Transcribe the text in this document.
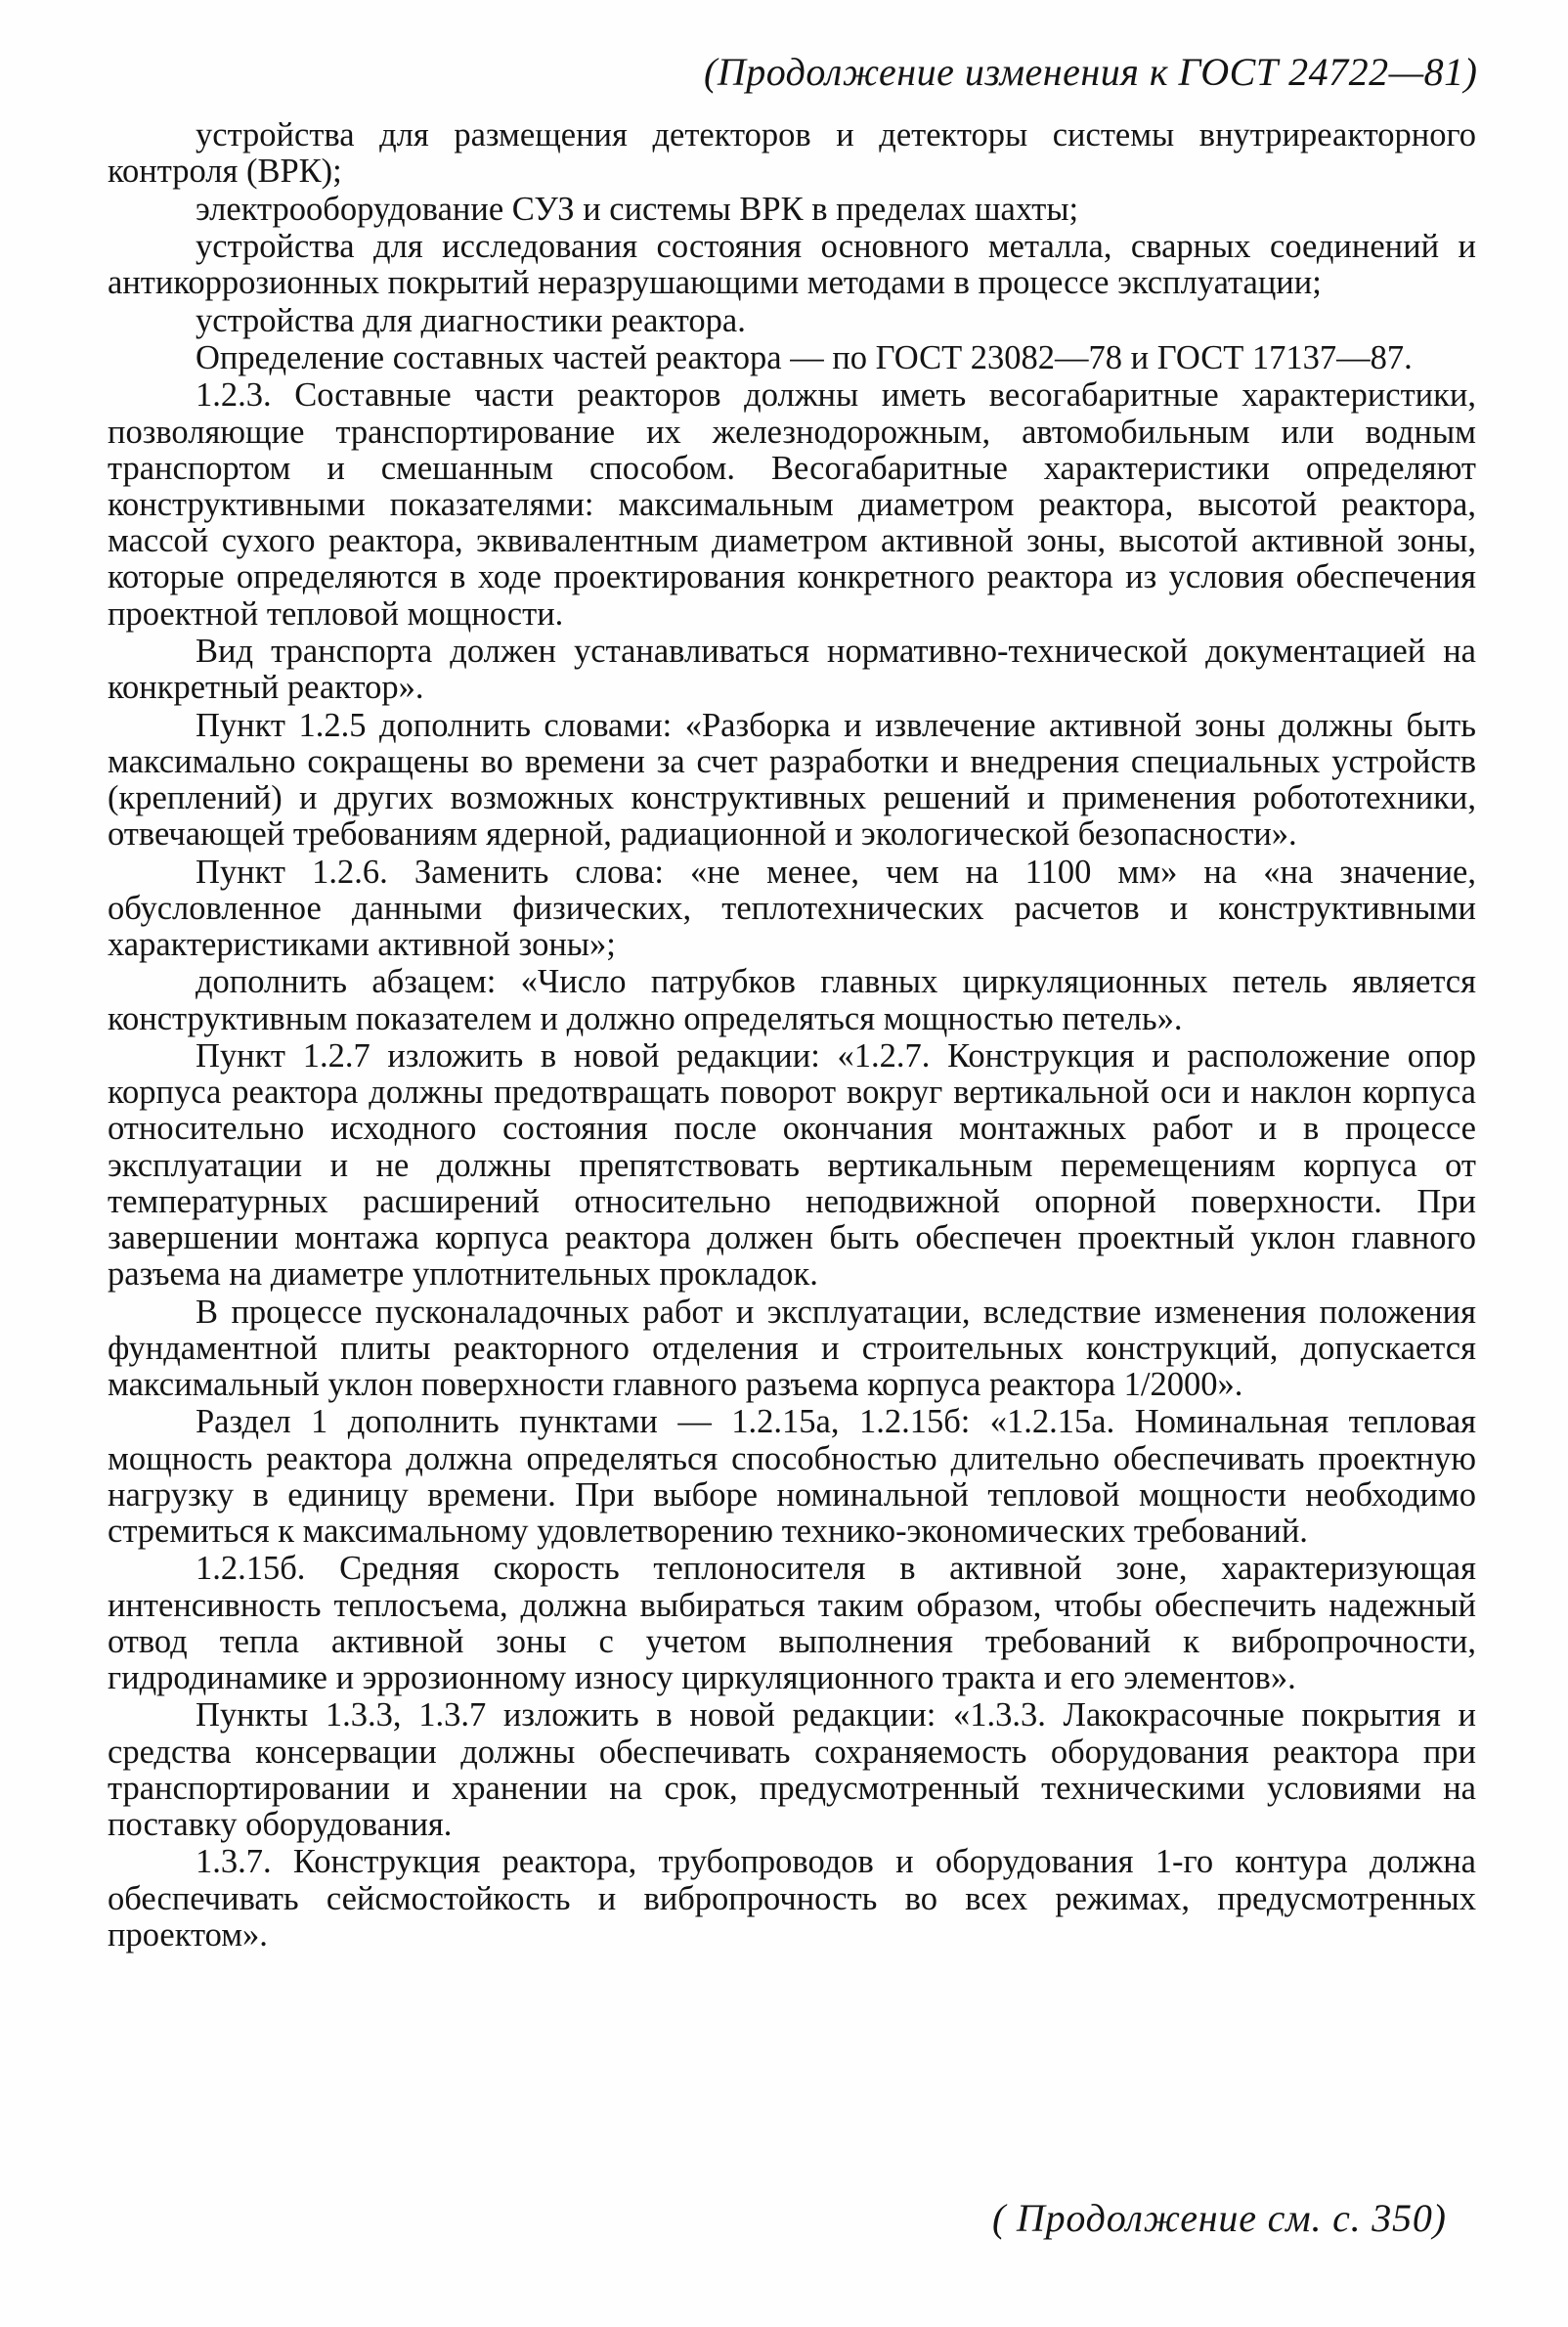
(Продолжение изменения к ГОСТ 24722—81)

устройства для размещения детекторов и детекторы системы внутриреакторного контроля (ВРК);

электрооборудование СУЗ и системы ВРК в пределах шахты;

устройства для исследования состояния основного металла, сварных соединений и антикоррозионных покрытий неразрушающими методами в процессе эксплуатации;

устройства для диагностики реактора.

Определение составных частей реактора — по ГОСТ 23082—78 и ГОСТ 17137—87.

1.2.3. Составные части реакторов должны иметь весогабаритные характеристики, позволяющие транспортирование их железнодорожным, автомобильным или водным транспортом и смешанным способом. Весогабаритные характеристики определяют конструктивными показателями: максимальным диаметром реактора, высотой реактора, массой сухого реактора, эквивалентным диаметром активной зоны, высотой активной зоны, которые определяются в ходе проектирования конкретного реактора из условия обеспечения проектной тепловой мощности.

Вид транспорта должен устанавливаться нормативно-технической документацией на конкретный реактор».

Пункт 1.2.5 дополнить словами: «Разборка и извлечение активной зоны должны быть максимально сокращены во времени за счет разработки и внедрения специальных устройств (креплений) и других возможных конструктивных решений и применения робототехники, отвечающей требованиям ядерной, радиационной и экологической безопасности».

Пункт 1.2.6. Заменить слова: «не менее, чем на 1100 мм» на «на значение, обусловленное данными физических, теплотехнических расчетов и конструктивными характеристиками активной зоны»;

дополнить абзацем: «Число патрубков главных циркуляционных петель является конструктивным показателем и должно определяться мощностью петель».

Пункт 1.2.7 изложить в новой редакции: «1.2.7. Конструкция и расположение опор корпуса реактора должны предотвращать поворот вокруг вертикальной оси и наклон корпуса относительно исходного состояния после окончания монтажных работ и в процессе эксплуатации и не должны препятствовать вертикальным перемещениям корпуса от температурных расширений относительно неподвижной опорной поверхности. При завершении монтажа корпуса реактора должен быть обеспечен проектный уклон главного разъема на диаметре уплотнительных прокладок.

В процессе пусконаладочных работ и эксплуатации, вследствие изменения положения фундаментной плиты реакторного отделения и строительных конструкций, допускается максимальный уклон поверхности главного разъема корпуса реактора 1/2000».

Раздел 1 дополнить пунктами — 1.2.15а, 1.2.15б: «1.2.15а. Номинальная тепловая мощность реактора должна определяться способностью длительно обеспечивать проектную нагрузку в единицу времени. При выборе номинальной тепловой мощности необходимо стремиться к максимальному удовлетворению технико-экономических требований.

1.2.15б. Средняя скорость теплоносителя в активной зоне, характеризующая интенсивность теплосъема, должна выбираться таким образом, чтобы обеспечить надежный отвод тепла активной зоны с учетом выполнения требований к вибропрочности, гидродинамике и эррозионному износу циркуляционного тракта и его элементов».

Пункты 1.3.3, 1.3.7 изложить в новой редакции: «1.3.3. Лакокрасочные покрытия и средства консервации должны обеспечивать сохраняемость оборудования реактора при транспортировании и хранении на срок, предусмотренный техническими условиями на поставку оборудования.

1.3.7. Конструкция реактора, трубопроводов и оборудования 1-го контура должна обеспечивать сейсмостойкость и вибропрочность во всех режимах, предусмотренных проектом».

( Продолжение см. с. 350)
